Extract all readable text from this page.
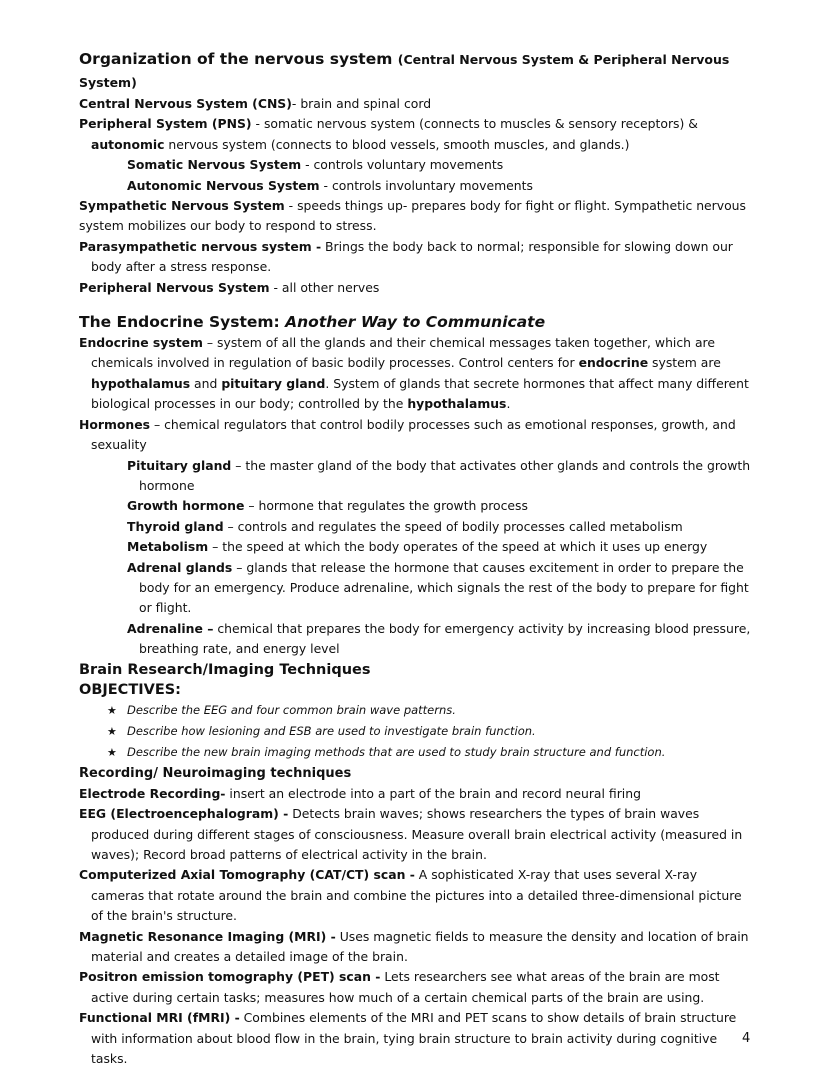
Organization of the nervous system (Central Nervous System & Peripheral Nervous System)

Central Nervous System (CNS)- brain and spinal cord

Peripheral System (PNS) - somatic nervous system (connects to muscles & sensory receptors) & autonomic nervous system (connects to blood vessels, smooth muscles, and glands.)

Somatic Nervous System - controls voluntary movements

Autonomic Nervous System - controls involuntary movements

Sympathetic Nervous System - speeds things up- prepares body for fight or flight. Sympathetic nervous system mobilizes our body to respond to stress.

Parasympathetic nervous system - Brings the body back to normal; responsible for slowing down our body after a stress response.

Peripheral Nervous System - all other nerves

The Endocrine System: Another Way to Communicate

Endocrine system – system of all the glands and their chemical messages taken together, which are chemicals involved in regulation of basic bodily processes. Control centers for endocrine system are hypothalamus and pituitary gland. System of glands that secrete hormones that affect many different biological processes in our body; controlled by the hypothalamus.

Hormones – chemical regulators that control bodily processes such as emotional responses, growth, and sexuality

Pituitary gland – the master gland of the body that activates other glands and controls the growth hormone

Growth hormone – hormone that regulates the growth process

Thyroid gland – controls and regulates the speed of bodily processes called metabolism

Metabolism – the speed at which the body operates of the speed at which it uses up energy

Adrenal glands – glands that release the hormone that causes excitement in order to prepare the body for an emergency. Produce adrenaline, which signals the rest of the body to prepare for fight or flight.

Adrenaline – chemical that prepares the body for emergency activity by increasing blood pressure, breathing rate, and energy level

Brain Research/Imaging Techniques

OBJECTIVES:

★ Describe the EEG and four common brain wave patterns.
★ Describe how lesioning and ESB are used to investigate brain function.
★ Describe the new brain imaging methods that are used to study brain structure and function.

Recording/ Neuroimaging techniques

Electrode Recording- insert an electrode into a part of the brain and record neural firing

EEG (Electroencephalogram) - Detects brain waves; shows researchers the types of brain waves produced during different stages of consciousness. Measure overall brain electrical activity (measured in waves); Record broad patterns of electrical activity in the brain.

Computerized Axial Tomography (CAT/CT) scan - A sophisticated X-ray that uses several X-ray cameras that rotate around the brain and combine the pictures into a detailed three-dimensional picture of the brain's structure.

Magnetic Resonance Imaging (MRI) - Uses magnetic fields to measure the density and location of brain material and creates a detailed image of the brain.

Positron emission tomography (PET) scan - Lets researchers see what areas of the brain are most active during certain tasks; measures how much of a certain chemical parts of the brain are using.

Functional MRI (fMRI) - Combines elements of the MRI and PET scans to show details of brain structure with information about blood flow in the brain, tying brain structure to brain activity during cognitive tasks.

4
